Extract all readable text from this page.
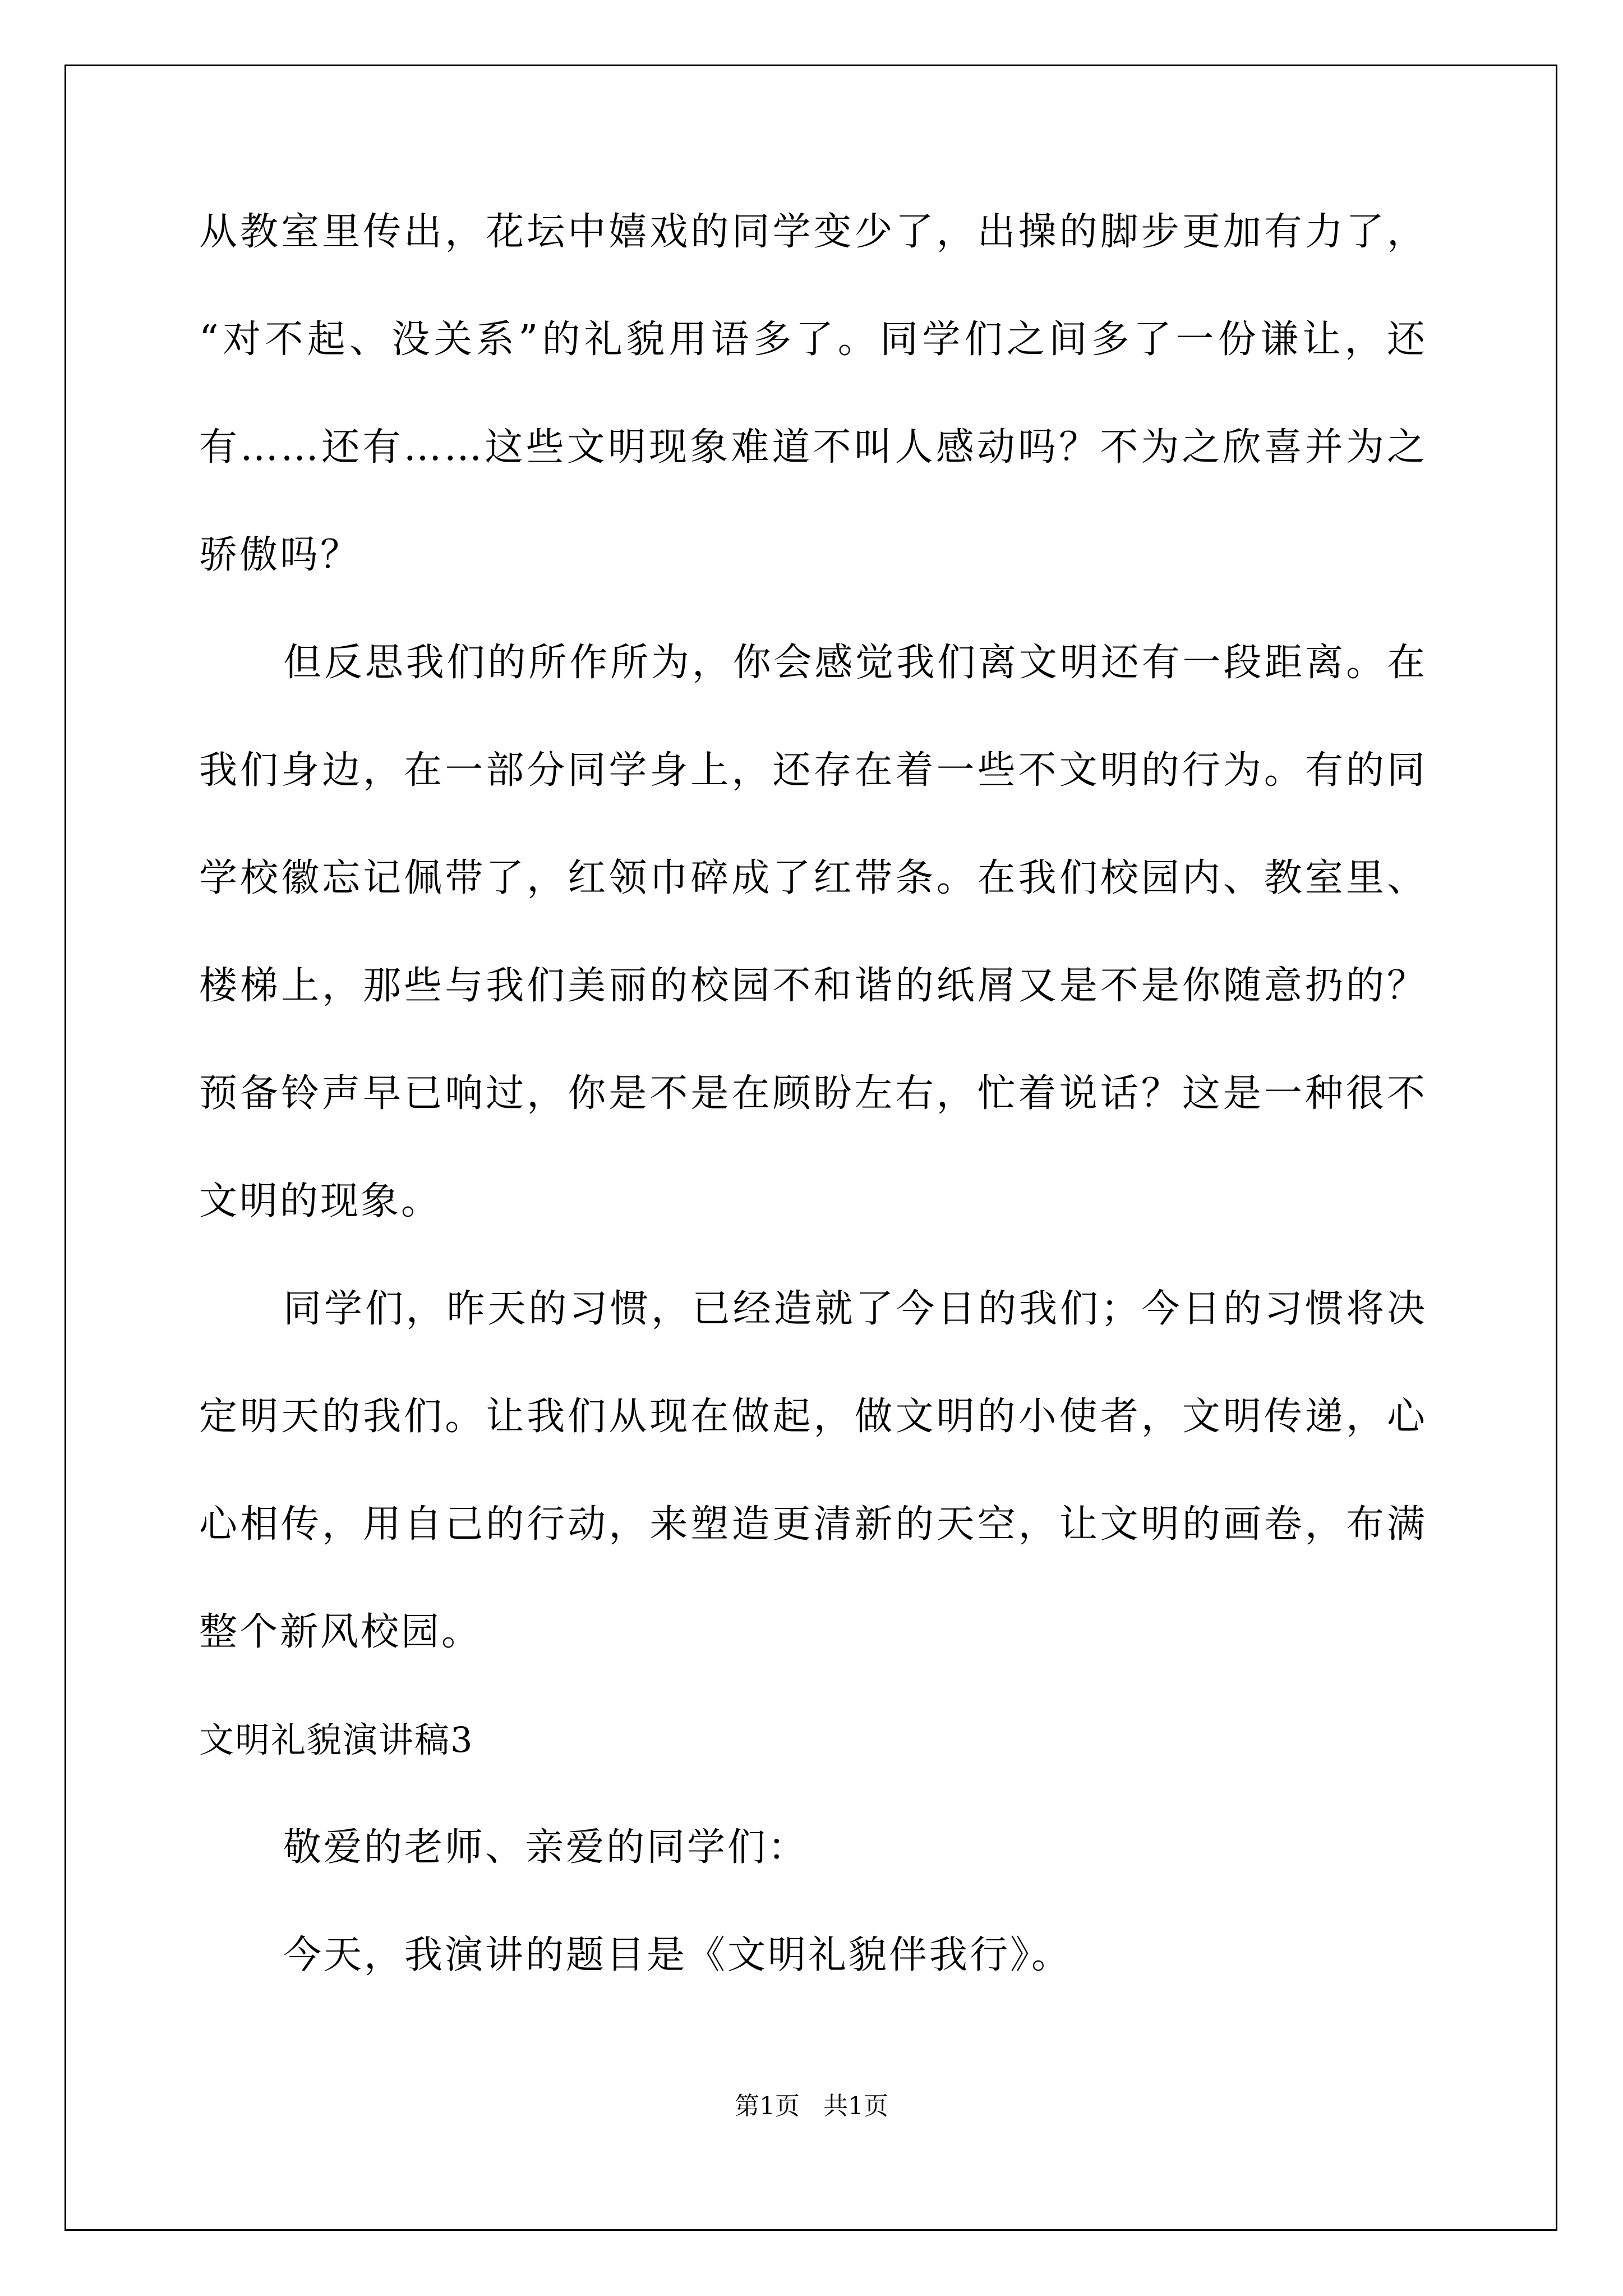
从教室里传出，花坛中嬉戏的同学变少了，出操的脚步更加有力了，
“对不起、没关系”的礼貌用语多了。同学们之间多了一份谦让，还
有……还有……这些文明现象难道不叫人感动吗？不为之欣喜并为之
骄傲吗？
但反思我们的所作所为，你会感觉我们离文明还有一段距离。在
我们身边，在一部分同学身上，还存在着一些不文明的行为。有的同
学校徽忘记佩带了，红领巾碎成了红带条。在我们校园内、教室里、
楼梯上，那些与我们美丽的校园不和谐的纸屑又是不是你随意扔的？
预备铃声早已响过，你是不是在顾盼左右，忙着说话？这是一种很不
文明的现象。
同学们，昨天的习惯，已经造就了今日的我们；今日的习惯将决
定明天的我们。让我们从现在做起，做文明的小使者，文明传递，心
心相传，用自己的行动，来塑造更清新的天空，让文明的画卷，布满
整个新风校园。
文明礼貌演讲稿3
敬爱的老师、亲爱的同学们：
今天，我演讲的题目是《文明礼貌伴我行》。
第1页 共1页
